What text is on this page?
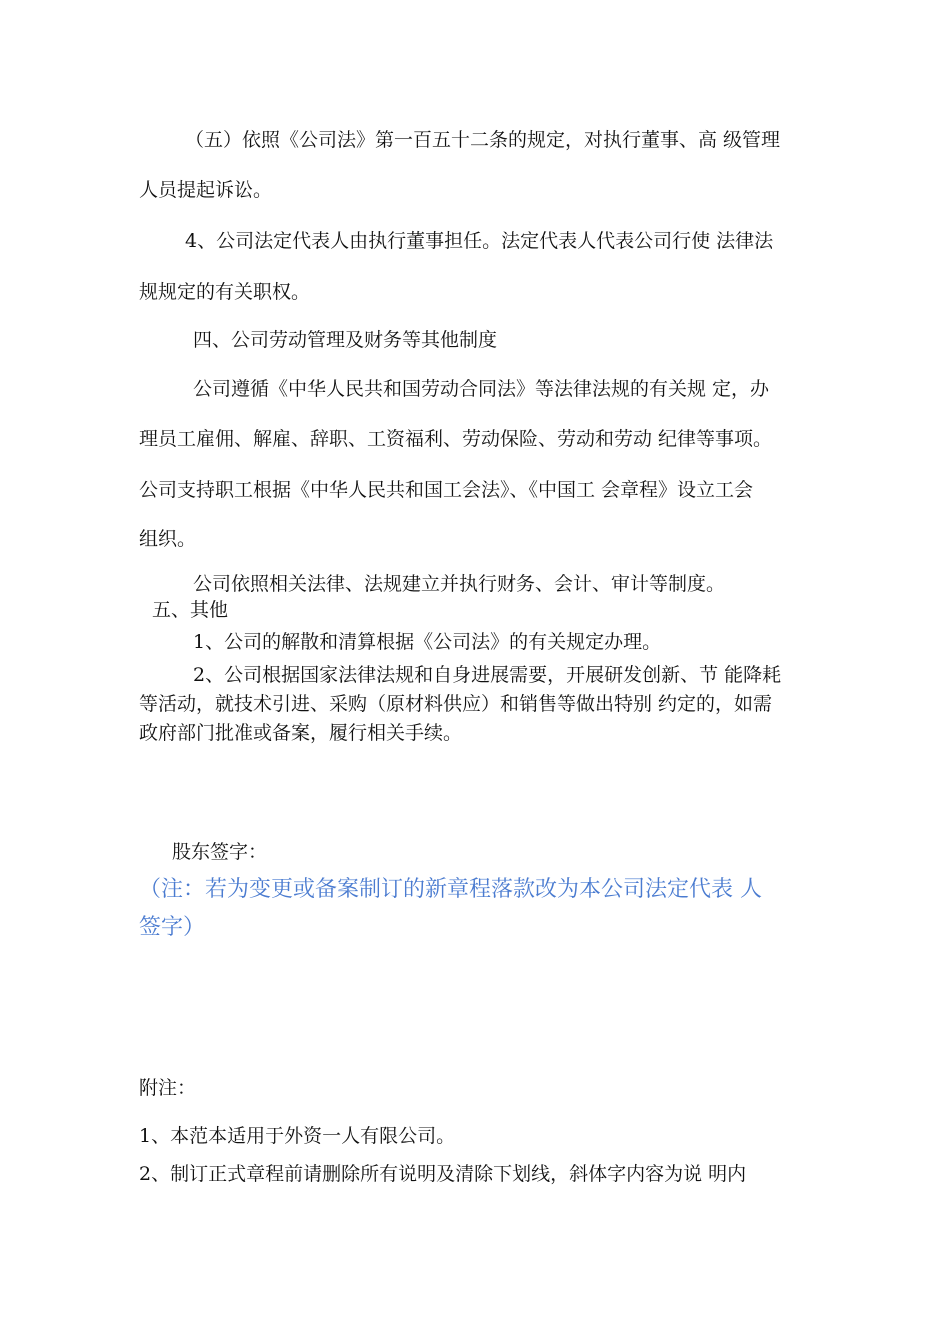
（五）依照《公司法》第一百五十二条的规定，对执行董事、高 级管理
人员提起诉讼。
4、公司法定代表人由执行董事担任。法定代表人代表公司行使 法律法
规规定的有关职权。
四、公司劳动管理及财务等其他制度
公司遵循《中华人民共和国劳动合同法》等法律法规的有关规 定，办
理员工雇佣、解雇、辞职、工资福利、劳动保险、劳动和劳动 纪律等事项。
公司支持职工根据《中华人民共和国工会法》、《中国工 会章程》设立工会
组织。
公司依照相关法律、法规建立并执行财务、会计、审计等制度。
五、其他
1、公司的解散和清算根据《公司法》的有关规定办理。
2、公司根据国家法律法规和自身进展需要，开展研发创新、节 能降耗
等活动，就技术引进、采购（原材料供应）和销售等做出特别 约定的，如需
政府部门批准或备案，履行相关手续。
股东签字：
（注：若为变更或备案制订的新章程落款改为本公司法定代表 人
签字）
附注：
1、本范本适用于外资一人有限公司。
2、制订正式章程前请删除所有说明及清除下划线，斜体字内容为说 明内
